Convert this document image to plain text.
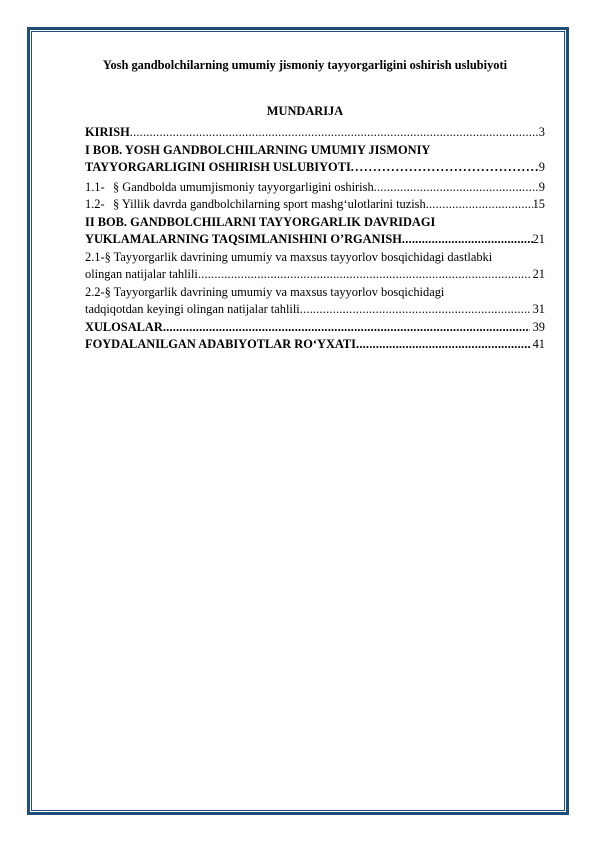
Yosh gandbolchilarning umumiy jismoniy tayyorgarligini oshirish uslubiyoti
MUNDARIJA
KIRISH .....	3
I BOB. YOSH GANDBOLCHILARNING UMUMIY JISMONIY
TAYYORGARLIGINI OSHIRISH USLUBIYOTI .....	9
1.1- § Gandbolda umumjismoniy tayyorgarligini oshirish .....	9
1.2- § Yillik davrda gandbolchilarning sport mashg‘ulotlarini tuzish .....	15
II BOB. GANDBOLCHILARNI TAYYORGARLIK DAVRIDAGI
YUKLAMALARNING TAQSIMLANISHINI O’RGANISH .....	21
2.1-§ Tayyorgarlik davrining umumiy va maxsus tayyorlov bosqichidagi dastlabki
olingan natijalar tahlili .....	21
2.2-§ Tayyorgarlik davrining umumiy va maxsus tayyorlov bosqichidagi
tadqiqotdan keyingi olingan natijalar tahlili .....	31
XULOSALAR .....	39
FOYDALANILGAN ADABIYOTLAR RO‘YXATI .....	41
